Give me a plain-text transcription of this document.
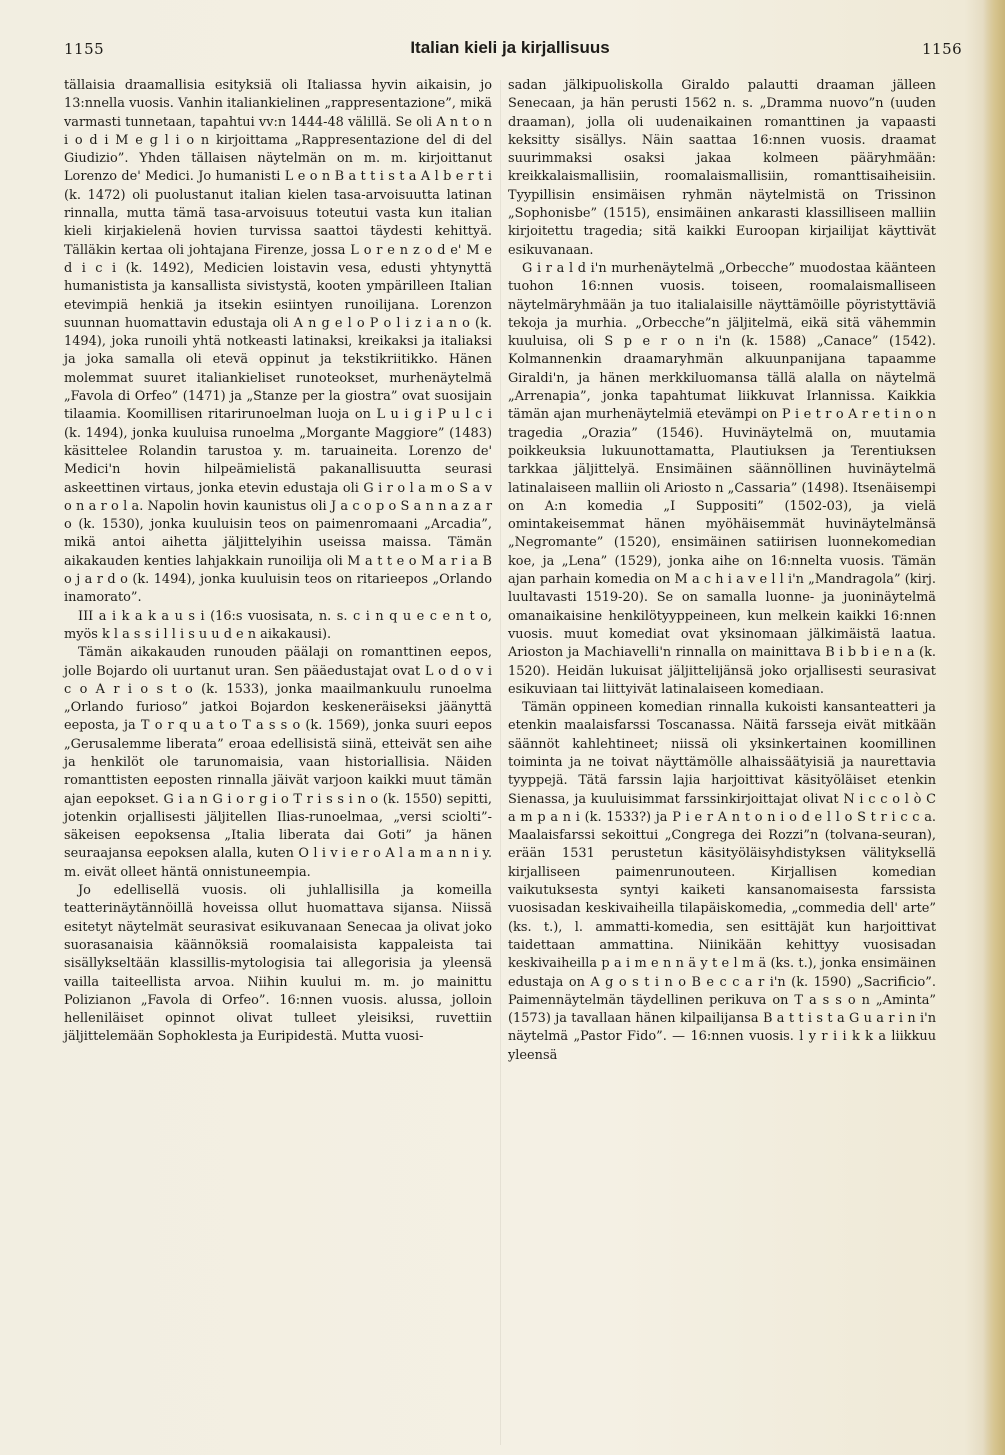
1155	Italian kieli ja kirjallisuus	1156

tällaisia draamallisia esityksiä oli Italiassa hyvin aikaisin, jo 13:nnella vuosis. Vanhin italiankielinen „rappresentazione”, mikä varmasti tunnetaan, tapahtui vv:n 1444-48 välillä. Se oli A n t o n i o d i M e g l i o n kirjoittama „Rappresentazione del di del Giudizio”. Yhden tällaisen näytelmän on m. m. kirjoittanut Lorenzo de' Medici. Jo humanisti L e o n B a t t i s t a A l b e r t i (k. 1472) oli puolustanut italian kielen tasa-arvoisuutta latinan rinnalla, mutta tämä tasa-arvoisuus toteutui vasta kun italian kieli kirjakielenä hovien turvissa saattoi täydesti kehittyä. Tälläkin kertaa oli johtajana Firenze, jossa L o r e n z o d e' M e d i c i (k. 1492), Medicien loistavin vesa, edusti yhtynyttä humanistista ja kansallista sivistystä, kooten ympärilleen Italian etevimpiä henkiä ja itsekin esiintyen runoilijana. Lorenzon suunnan huomattavin edustaja oli A n g e l o P o l i z i a n o (k. 1494), joka runoili yhtä notkeasti latinaksi, kreikaksi ja italiaksi ja joka samalla oli etevä oppinut ja tekstikriitikko. Hänen molemmat suuret italiankieliset runoteokset, murhenäytelmä „Favola di Orfeo” (1471) ja „Stanze per la giostra” ovat suosijain tilaamia. Koomillisen ritarirunoelman luoja on L u i g i P u l c i (k. 1494), jonka kuuluisa runoelma „Morgante Maggiore” (1483) käsittelee Rolandin tarustoa y. m. taruaineita. Lorenzo de' Medici'n hovin hilpeämielistä pakanallisuutta seurasi askeettinen virtaus, jonka etevin edustaja oli G i r o l a m o S a v o n a r o l a. Napolin hovin kaunistus oli J a c o p o S a n n a z a r o (k. 1530), jonka kuuluisin teos on paimenromaani „Arcadia”, mikä antoi aihetta jäljittelyihin useissa maissa. Tämän aikakauden kenties lahjakkain runoilija oli M a t t e o M a r i a B o j a r d o (k. 1494), jonka kuuluisin teos on ritarieepos „Orlando inamorato”.

III a i k a k a u s i (16:s vuosisata, n. s. c i n q u e c e n t o, myös k l a s s i l l i s u u d e n aikakausi).

Tämän aikakauden runouden päälaji on romanttinen eepos, jolle Bojardo oli uurtanut uran. Sen pääedustajat ovat L o d o v i c o A r i o s t o (k. 1533), jonka maailmankuulu runoelma „Orlando furioso” jatkoi Bojardon keskeneräiseksi jäänyttä eeposta, ja T o r q u a t o T a s s o (k. 1569), jonka suuri eepos „Gerusalemme liberata” eroaa edellisistä siinä, etteivät sen aihe ja henkilöt ole tarunomaisia, vaan historiallisia. Näiden romanttisten eeposten rinnalla jäivät varjoon kaikki muut tämän ajan eepokset. G i a n G i o r g i o T r i s s i n o (k. 1550) sepitti, jotenkin orjallisesti jäljitellen Ilias-runoelmaa, „versi sciolti”-säkeisen eepoksensa „Italia liberata dai Goti” ja hänen seuraajansa eepoksen alalla, kuten O l i v i e r o A l a m a n n i y. m. eivät olleet häntä onnistuneempia.

Jo edellisellä vuosis. oli juhlallisilla ja komeilla teatterinäytännöillä hoveissa ollut huomattava sijansa. Niissä esitetyt näytelmät seurasivat esikuvanaan Senecaa ja olivat joko suorasanaisia käännöksiä roomalaisista kappaleista tai sisällykseltään klassillis-mytologisia tai allegorisia ja yleensä vailla taiteellista arvoa. Niihin kuului m. m. jo mainittu Polizianon „Favola di Orfeo”. 16:nnen vuosis. alussa, jolloin helleniläiset opinnot olivat tulleet yleisiksi, ruvettiin jäljittelemään Sophoklesta ja Euripidestä. Mutta vuosi-

sadan jälkipuoliskolla Giraldo palautti draaman jälleen Senecaan, ja hän perusti 1562 n. s. „Dramma nuovo”n (uuden draaman), jolla oli uudenaikainen romanttinen ja vapaasti keksitty sisällys. Näin saattaa 16:nnen vuosis. draamat suurimmaksi osaksi jakaa kolmeen pääryhmään: kreikkalaismallisiin, roomalaismallisiin, romanttisaiheisiin. Tyypillisin ensimäisen ryhmän näytelmistä on Trissinon „Sophonisbe” (1515), ensimäinen ankarasti klassilliseen malliin kirjoitettu tragedia; sitä kaikki Euroopan kirjailijat käyttivät esikuvanaan.

G i r a l d i'n murhenäytelmä „Orbecche” muodostaa käänteen tuohon 16:nnen vuosis. toiseen, roomalaismalliseen näytelmäryhmään ja tuo italialaisille näyttämöille pöyristyttäviä tekoja ja murhia. „Orbecche”n jäljitelmä, eikä sitä vähemmin kuuluisa, oli S p e r o n i'n (k. 1588) „Canace” (1542). Kolmannenkin draamaryhmän alkuunpanijana tapaamme Giraldi'n, ja hänen merkkiluomansa tällä alalla on näytelmä „Arrenapia”, jonka tapahtumat liikkuvat Irlannissa. Kaikkia tämän ajan murhenäytelmiä etevämpi on P i e t r o A r e t i n o n tragedia „Orazia” (1546). Huvinäytelmä on, muutamia poikkeuksia lukuunottamatta, Plautiuksen ja Terentiuksen tarkkaa jäljittelyä. Ensimäinen säännöllinen huvinäytelmä latinalaiseen malliin oli Ariosto n „Cassaria” (1498). Itsenäisempi on A:n komedia „I Suppositi” (1502-03), ja vielä omintakeisemmat hänen myöhäisemmät huvinäytelmänsä „Negromante” (1520), ensimäinen satiirisen luonnekomedian koe, ja „Lena” (1529), jonka aihe on 16:nnelta vuosis. Tämän ajan parhain komedia on M a c h i a v e l l i'n „Mandragola” (kirj. luultavasti 1519-20). Se on samalla luonne- ja juoninäytelmä omanaikaisine henkilötyyppeineen, kun melkein kaikki 16:nnen vuosis. muut komediat ovat yksinomaan jälkimäistä laatua. Arioston ja Machiavelli'n rinnalla on mainittava B i b b i e n a (k. 1520). Heidän lukuisat jäljittelijänsä joko orjallisesti seurasivat esikuviaan tai liittyivät latinalaiseen komediaan.

Tämän oppineen komedian rinnalla kukoisti kansanteatteri ja etenkin maalaisfarssi Toscanassa. Näitä farsseja eivät mitkään säännöt kahlehtineet; niissä oli yksinkertainen koomillinen toiminta ja ne toivat näyttämölle alhaissäätyisiä ja naurettavia tyyppejä. Tätä farssin lajia harjoittivat käsityöläiset etenkin Sienassa, ja kuuluisimmat farssinkirjoittajat olivat N i c c o l ò C a m p a n i (k. 1533?) ja P i e r A n t o n i o d e l l o S t r i c c a. Maalaisfarssi sekoittui „Congrega dei Rozzi”n (tolvana-seuran), erään 1531 perustetun käsityöläisyhdistyksen välityksellä kirjalliseen paimenrunouteen. Kirjallisen komedian vaikutuksesta syntyi kaiketi kansanomaisesta farssista vuosisadan keskivaiheilla tilapäiskomedia, „commedia dell' arte” (ks. t.), l. ammatti-komedia, sen esittäjät kun harjoittivat taidettaan ammattina. Niinikään kehittyy vuosisadan keskivaiheilla p a i m e n n ä y t e l m ä (ks. t.), jonka ensimäinen edustaja on A g o s t i n o B e c c a r i'n (k. 1590) „Sacrificio”. Paimennäytelmän täydellinen perikuva on T a s s o n „Aminta” (1573) ja tavallaan hänen kilpailijansa B a t t i s t a G u a r i n i'n näytelmä „Pastor Fido”. — 16:nnen vuosis. l y r i i k k a liikkuu yleensä
